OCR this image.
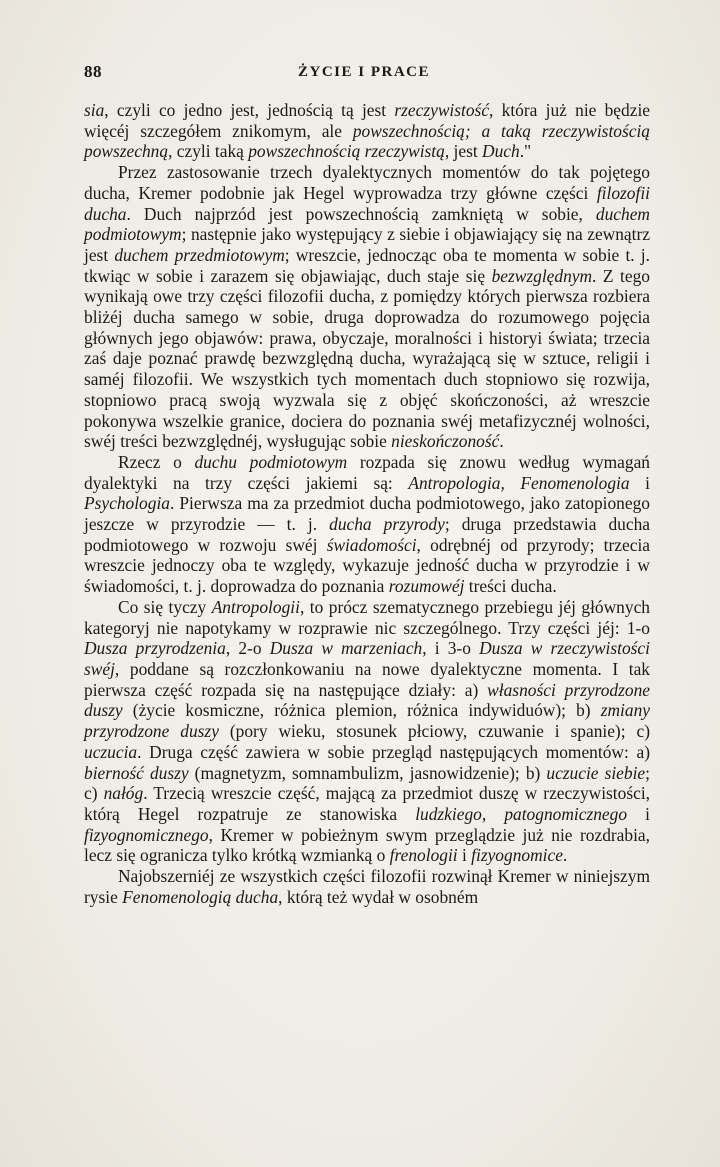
88	ŻYCIE I PRACE

sia, czyli co jedno jest, jednością tą jest rzeczywistość, która już nie będzie więcéj szczegółem znikomym, ale powszechnością; a taką rzeczywistością powszechną, czyli taką powszechnością rzeczywistą, jest Duch."

Przez zastosowanie trzech dyalektycznych momentów do tak pojętego ducha, Kremer podobnie jak Hegel wyprowadza trzy główne części filozofii ducha. Duch najprzód jest powszechnością zamkniętą w sobie, duchem podmiotowym; następnie jako występujący z siebie i objawiający się na zewnątrz jest duchem przedmiotowym; wreszcie, jednocząc oba te momenta w sobie t. j. tkwiąc w sobie i zarazem się objawiając, duch staje się bezwzględnym. Z tego wynikają owe trzy części filozofii ducha, z pomiędzy których pierwsza rozbiera bliżéj ducha samego w sobie, druga doprowadza do rozumowego pojęcia głównych jego objawów: prawa, obyczaje, moralności i historyi świata; trzecia zaś daje poznać prawdę bezwzględną ducha, wyrażającą się w sztuce, religii i saméj filozofii. We wszystkich tych momentach duch stopniowo się rozwija, stopniowo pracą swoją wyzwala się z objęć skończoności, aż wreszcie pokonywa wszelkie granice, dociera do poznania swéj metafizycznéj wolności, swéj treści bezwzględnéj, wysługując sobie nieskończoność.

Rzecz o duchu podmiotowym rozpada się znowu według wymagań dyalektyki na trzy części jakiemi są: Antropologia, Fenomenologia i Psychologia. Pierwsza ma za przedmiot ducha podmiotowego, jako zatopionego jeszcze w przyrodzie — t. j. ducha przyrody; druga przedstawia ducha podmiotowego w rozwoju swéj świadomości, odrębnéj od przyrody; trzecia wreszcie jednoczy oba te względy, wykazuje jedność ducha w przyrodzie i w świadomości, t. j. doprowadza do poznania rozumowéj treści ducha.

Co się tyczy Antropologii, to prócz szematycznego przebiegu jéj głównych kategoryj nie napotykamy w rozprawie nic szczególnego. Trzy części jéj: 1-o Dusza przyrodzenia, 2-o Dusza w marzeniach, i 3-o Dusza w rzeczywistości swéj, poddane są rozczłonkowaniu na nowe dyalektyczne momenta. I tak pierwsza część rozpada się na następujące działy: a) własności przyrodzone duszy (życie kosmiczne, różnica plemion, różnica indywiduów); b) zmiany przyrodzone duszy (pory wieku, stosunek płciowy, czuwanie i spanie); c) uczucia. Druga część zawiera w sobie przegląd następujących momentów: a) bierność duszy (magnetyzm, somnambulizm, jasnowidzenie); b) uczucie siebie; c) nałóg. Trzecią wreszcie część, mającą za przedmiot duszę w rzeczywistości, którą Hegel rozpatruje ze stanowiska ludzkiego, patognomicznego i fizyognomicznego, Kremer w pobieżnym swym przeglądzie już nie rozdrabia, lecz się ogranicza tylko krótką wzmianką o frenologii i fizyognomice.

Najobszerniéj ze wszystkich części filozofii rozwinął Kremer w niniejszym rysie Fenomenologią ducha, którą też wydał w osobném
